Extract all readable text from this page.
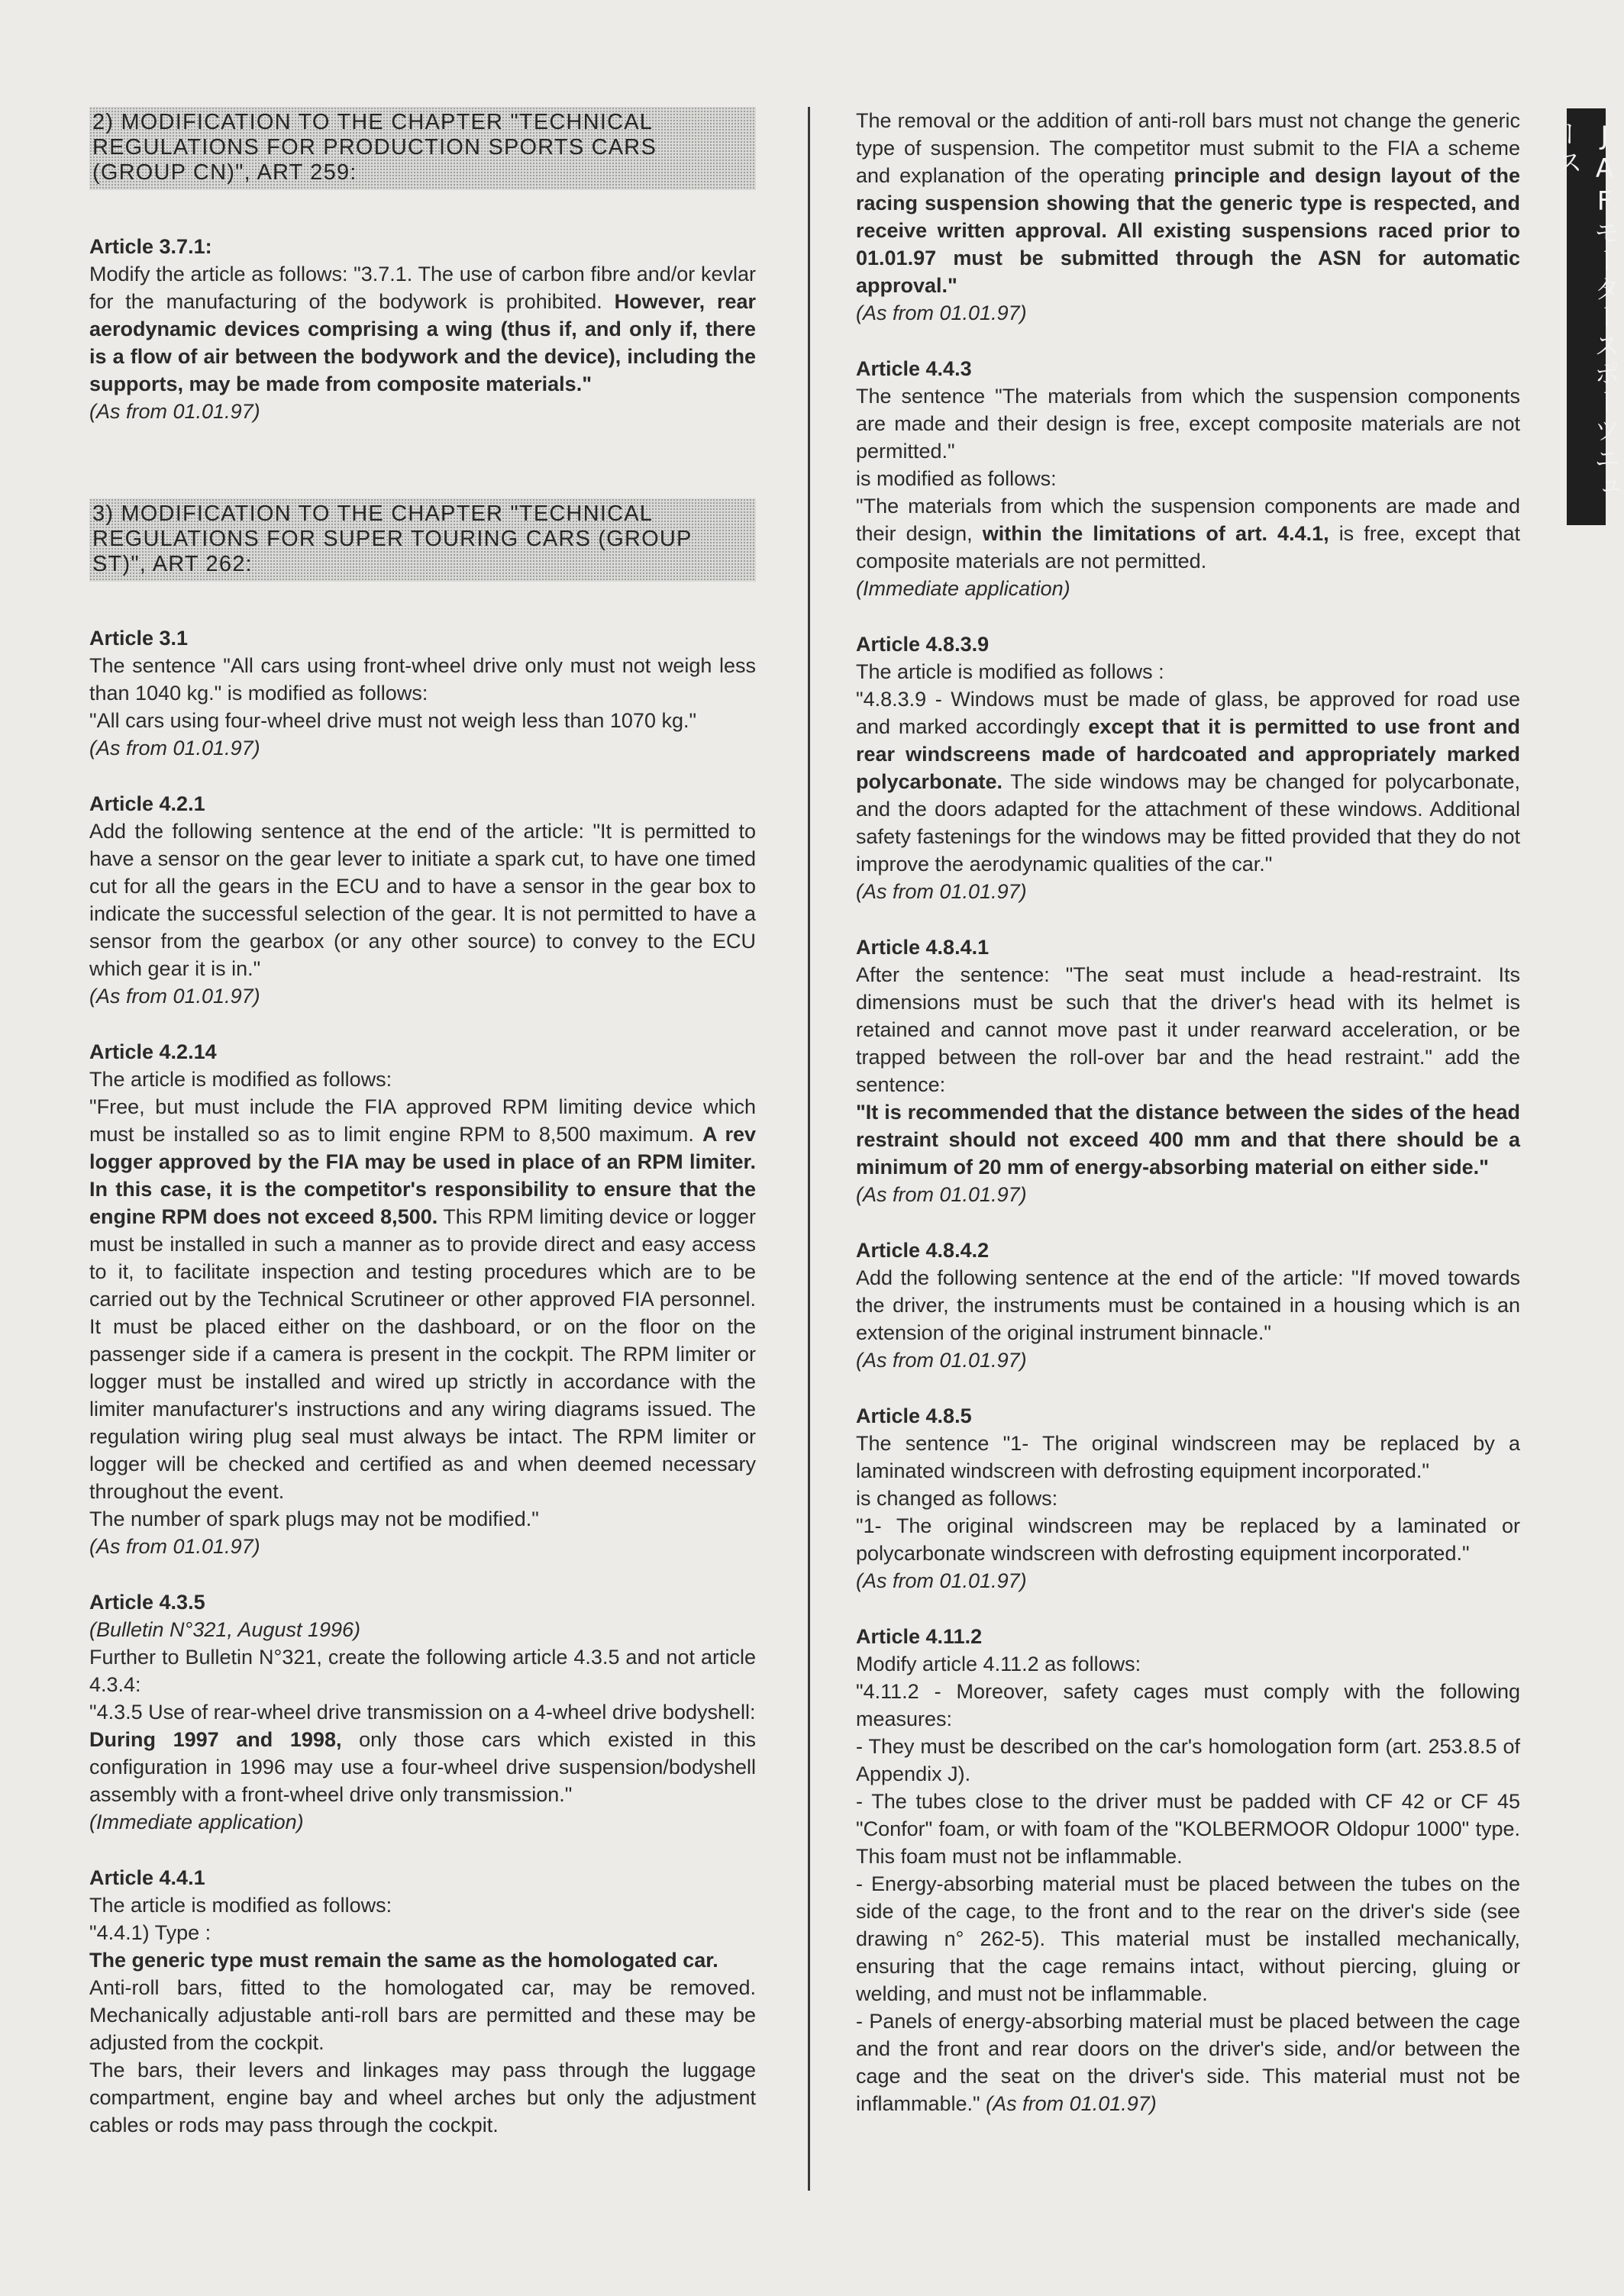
JAFモータースポーツニュース
2) MODIFICATION TO THE CHAPTER "TECHNICAL REGULATIONS FOR PRODUCTION SPORTS CARS (GROUP CN)", ART 259:
Article 3.7.1:
Modify the article as follows: "3.7.1. The use of carbon fibre and/or kevlar for the manufacturing of the bodywork is prohibited. However, rear aerodynamic devices comprising a wing (thus if, and only if, there is a flow of air between the bodywork and the device), including the supports, may be made from composite materials."
(As from 01.01.97)
3) MODIFICATION TO THE CHAPTER "TECHNICAL REGULATIONS FOR SUPER TOURING CARS (GROUP ST)", ART 262:
Article 3.1
The sentence "All cars using front-wheel drive only must not weigh less than 1040 kg." is modified as follows:
"All cars using four-wheel drive must not weigh less than 1070 kg."
(As from 01.01.97)
Article 4.2.1
Add the following sentence at the end of the article: "It is permitted to have a sensor on the gear lever to initiate a spark cut, to have one timed cut for all the gears in the ECU and to have a sensor in the gear box to indicate the successful selection of the gear. It is not permitted to have a sensor from the gearbox (or any other source) to convey to the ECU which gear it is in."
(As from 01.01.97)
Article 4.2.14
The article is modified as follows:
"Free, but must include the FIA approved RPM limiting device which must be installed so as to limit engine RPM to 8,500 maximum. A rev logger approved by the FIA may be used in place of an RPM limiter. In this case, it is the competitor's responsibility to ensure that the engine RPM does not exceed 8,500. This RPM limiting device or logger must be installed in such a manner as to provide direct and easy access to it, to facilitate inspection and testing procedures which are to be carried out by the Technical Scrutineer or other approved FIA personnel. It must be placed either on the dashboard, or on the floor on the passenger side if a camera is present in the cockpit. The RPM limiter or logger must be installed and wired up strictly in accordance with the limiter manufacturer's instructions and any wiring diagrams issued. The regulation wiring plug seal must always be intact. The RPM limiter or logger will be checked and certified as and when deemed necessary throughout the event.
The number of spark plugs may not be modified."
(As from 01.01.97)
Article 4.3.5
(Bulletin N°321, August 1996)
Further to Bulletin N°321, create the following article 4.3.5 and not article 4.3.4:
"4.3.5 Use of rear-wheel drive transmission on a 4-wheel drive bodyshell:
During 1997 and 1998, only those cars which existed in this configuration in 1996 may use a four-wheel drive suspension/bodyshell assembly with a front-wheel drive only transmission."
(Immediate application)
Article 4.4.1
The article is modified as follows:
"4.4.1) Type :
The generic type must remain the same as the homologated car.
Anti-roll bars, fitted to the homologated car, may be removed. Mechanically adjustable anti-roll bars are permitted and these may be adjusted from the cockpit.
The bars, their levers and linkages may pass through the luggage compartment, engine bay and wheel arches but only the adjustment cables or rods may pass through the cockpit.
The removal or the addition of anti-roll bars must not change the generic type of suspension. The competitor must submit to the FIA a scheme and explanation of the operating principle and design layout of the racing suspension showing that the generic type is respected, and receive written approval. All existing suspensions raced prior to 01.01.97 must be submitted through the ASN for automatic approval."
(As from 01.01.97)
Article 4.4.3
The sentence "The materials from which the suspension components are made and their design is free, except composite materials are not permitted."
is modified as follows:
"The materials from which the suspension components are made and their design, within the limitations of art. 4.4.1, is free, except that composite materials are not permitted.
(Immediate application)
Article 4.8.3.9
The article is modified as follows :
"4.8.3.9 - Windows must be made of glass, be approved for road use and marked accordingly except that it is permitted to use front and rear windscreens made of hardcoated and appropriately marked polycarbonate. The side windows may be changed for polycarbonate, and the doors adapted for the attachment of these windows. Additional safety fastenings for the windows may be fitted provided that they do not improve the aerodynamic qualities of the car."
(As from 01.01.97)
Article 4.8.4.1
After the sentence: "The seat must include a head-restraint. Its dimensions must be such that the driver's head with its helmet is retained and cannot move past it under rearward acceleration, or be trapped between the roll-over bar and the head restraint." add the sentence:
"It is recommended that the distance between the sides of the head restraint should not exceed 400 mm and that there should be a minimum of 20 mm of energy-absorbing material on either side."
(As from 01.01.97)
Article 4.8.4.2
Add the following sentence at the end of the article: "If moved towards the driver, the instruments must be contained in a housing which is an extension of the original instrument binnacle."
(As from 01.01.97)
Article 4.8.5
The sentence "1- The original windscreen may be replaced by a laminated windscreen with defrosting equipment incorporated."
is changed as follows:
"1- The original windscreen may be replaced by a laminated or polycarbonate windscreen with defrosting equipment incorporated."
(As from 01.01.97)
Article 4.11.2
Modify article 4.11.2 as follows:
"4.11.2 - Moreover, safety cages must comply with the following measures:
- They must be described on the car's homologation form (art. 253.8.5 of Appendix J).
- The tubes close to the driver must be padded with CF 42 or CF 45 "Confor" foam, or with foam of the "KOLBERMOOR Oldopur 1000" type. This foam must not be inflammable.
- Energy-absorbing material must be placed between the tubes on the side of the cage, to the front and to the rear on the driver's side (see drawing n° 262-5). This material must be installed mechanically, ensuring that the cage remains intact, without piercing, gluing or welding, and must not be inflammable.
- Panels of energy-absorbing material must be placed between the cage and the front and rear doors on the driver's side, and/or between the cage and the seat on the driver's side. This material must not be inflammable." (As from 01.01.97)
